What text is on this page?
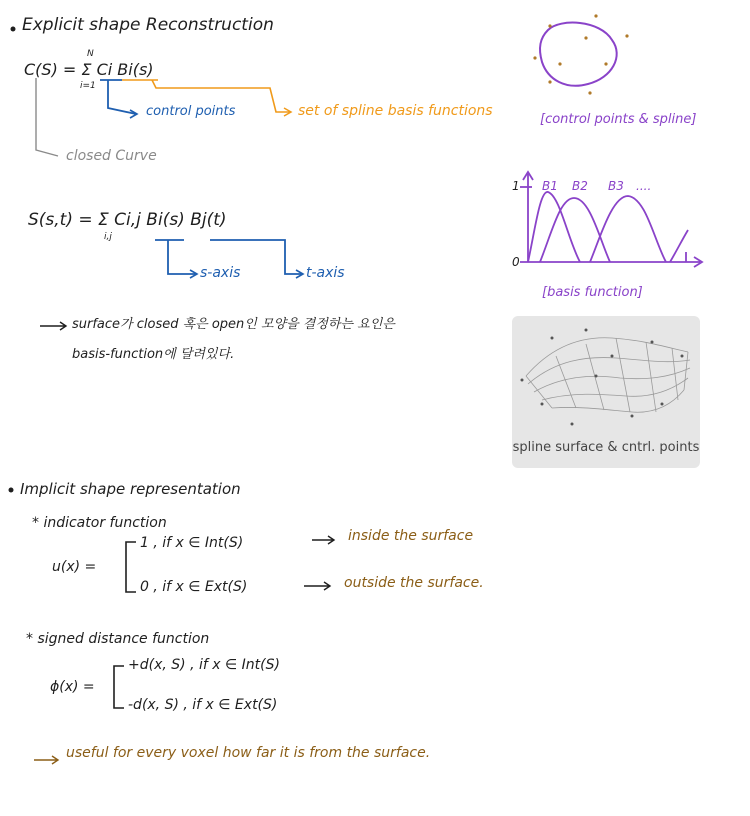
Explicit shape Reconstruction
C(S) = Σ Ci Bi(s)
N
i=1
control points	set of spline basis functions
closed Curve
S(s,t) = Σ Ci,j Bi(s) Bj(t)
i,j
s-axis	t-axis
surface가 closed 혹은 open인 모양을 결정하는 요인은
basis-function에 달려있다.
[control points & spline]
B1 B2 B3 ....
1
0
[basis function]
spline surface & cntrl. points
Implicit shape representation
* indicator function
u(x) =
1 , if x ∈ Int(S)
0 , if x ∈ Ext(S)
inside the surface
outside the surface.
* signed distance function
ϕ(x) =
+d(x, S) , if x ∈ Int(S)
-d(x, S) , if x ∈ Ext(S)
useful for every voxel how far it is from the surface.
